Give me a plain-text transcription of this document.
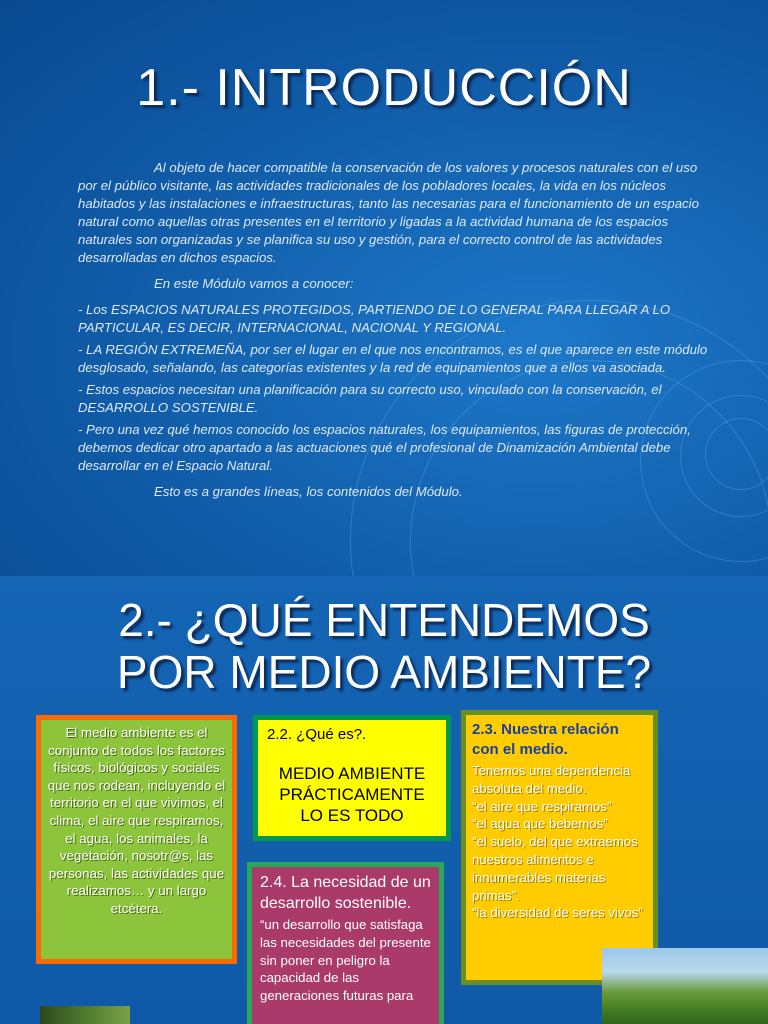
1.- INTRODUCCIÓN

Al objeto de hacer compatible la conservación de los valores y procesos naturales con el uso por el público visitante, las actividades tradicionales de los pobladores locales, la vida en los núcleos habitados y las instalaciones e infraestructuras, tanto las necesarias para el funcionamiento de un espacio natural como aquellas otras presentes en el territorio y ligadas a la actividad humana de los espacios naturales son organizadas y se planifica su uso y gestión, para el correcto control de las actividades desarrolladas en dichos espacios.

En este Módulo vamos a conocer:

- Los ESPACIOS NATURALES PROTEGIDOS, PARTIENDO DE LO GENERAL PARA LLEGAR A LO PARTICULAR, ES DECIR, INTERNACIONAL, NACIONAL Y REGIONAL.

- LA REGIÓN EXTREMEÑA, por ser el lugar en el que nos encontramos, es el que aparece en este módulo desglosado, señalando, las categorías existentes y la red de equipamientos que a ellos va asociada.

- Estos espacios necesitan una planificación para su correcto uso, vinculado con la conservación, el DESARROLLO SOSTENIBLE.

- Pero una vez qué hemos conocido los espacios naturales, los equipamientos, las figuras de protección, debemos dedicar otro apartado a las actuaciones qué el profesional de Dinamización Ambiental debe desarrollar en el Espacio Natural.

Esto es a grandes líneas, los contenidos del Módulo.

2.- ¿QUÉ ENTENDEMOS
POR MEDIO AMBIENTE?
El medio ambiente es el conjunto de todos los factores físicos, biológicos y sociales que nos rodean, incluyendo el territorio en el que vivimos, el clima, el aire que respiramos, el agua, los animales, la vegetación, nosotr@s, las personas, las actividades que realizamos… y un largo etcétera.
2.2. ¿Qué es?.
MEDIO AMBIENTE PRÁCTICAMENTE LO ES TODO
2.3. Nuestra relación con el medio.
Tenemos una dependencia absoluta del medio.
“el aire que respiramos”
“el agua que bebemos”
“el suelo, del que extraemos nuestros alimentos e innumerables materias primas”.
“la diversidad de seres vivos”
2.4. La necesidad de un desarrollo sostenible.
“un desarrollo que satisfaga las necesidades del presente sin poner en peligro la capacidad de las generaciones futuras para
